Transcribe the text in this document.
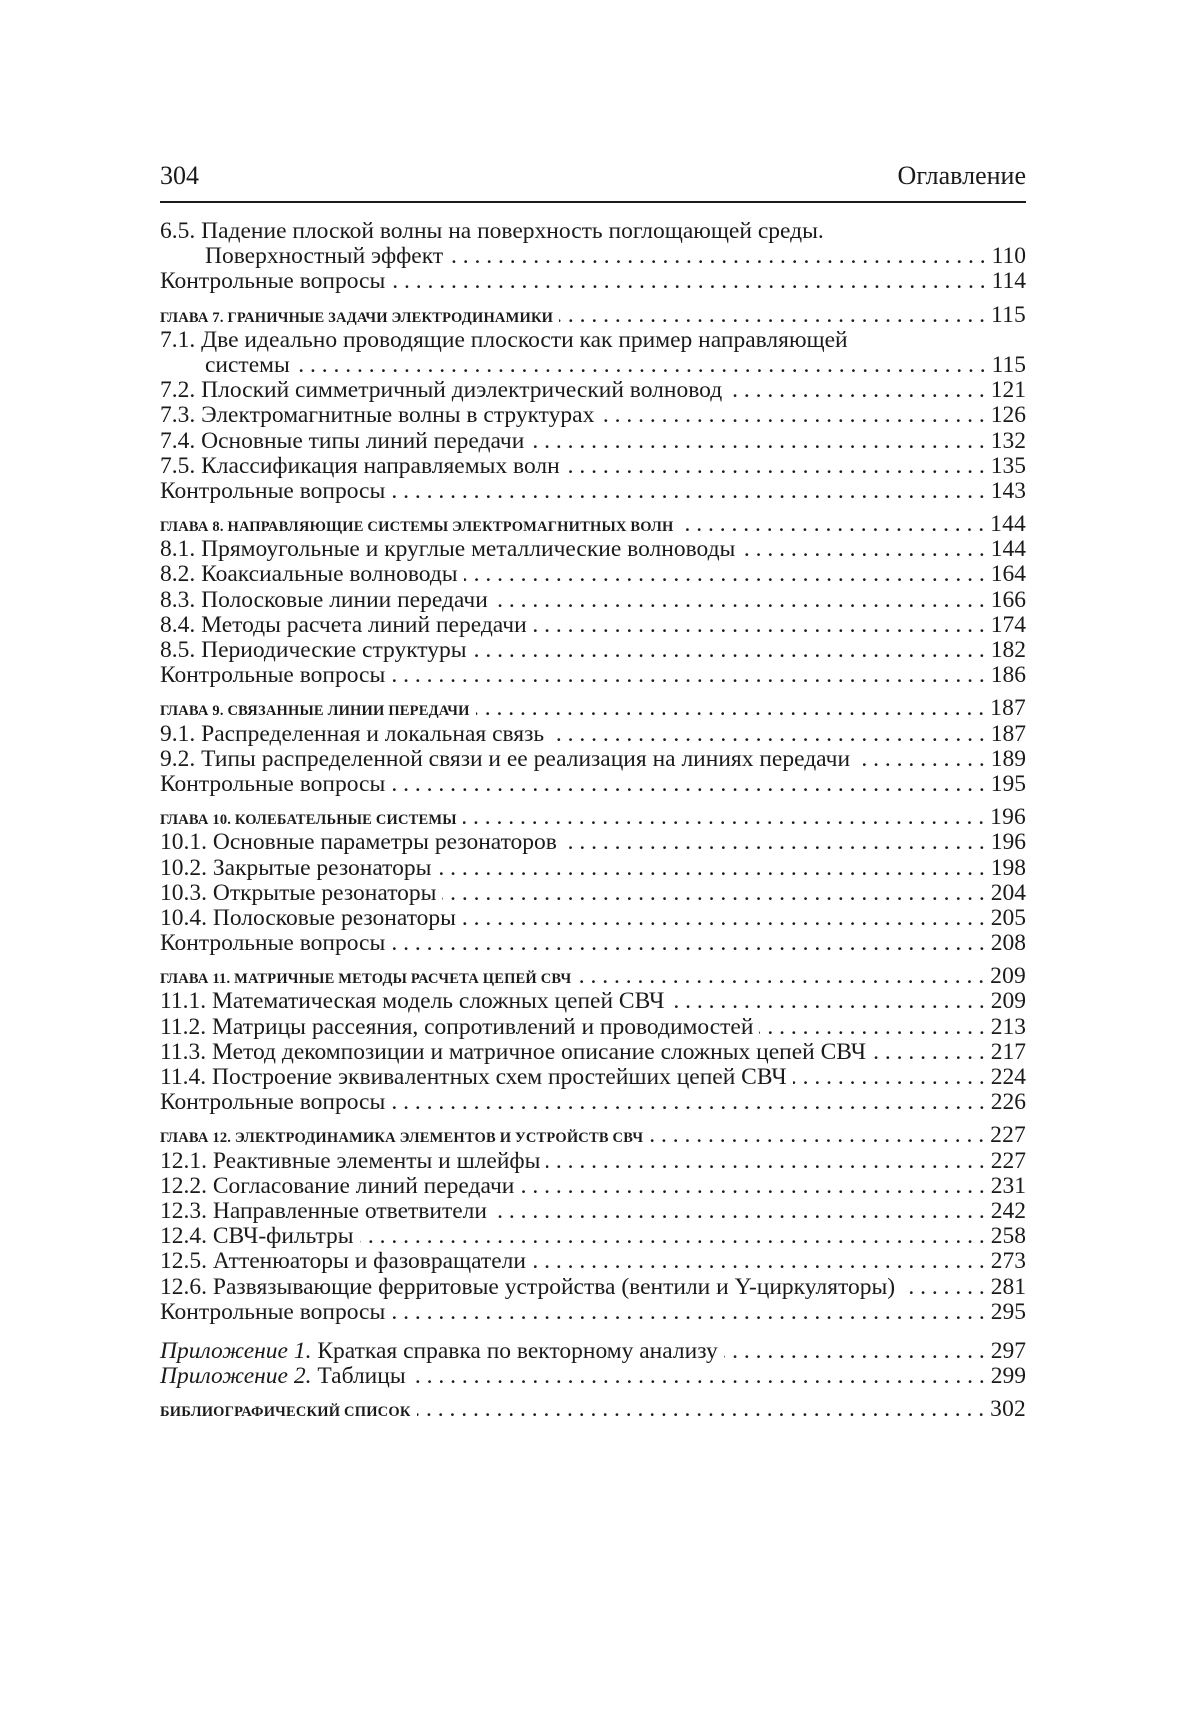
304	Оглавление
6.5. Падение плоской волны на поверхность поглощающей среды.
Поверхностный эффект . . .	110
Контрольные вопросы . . .	114
ГЛАВА 7. ГРАНИЧНЫЕ ЗАДАЧИ ЭЛЕКТРОДИНАМИКИ . . .	115
7.1. Две идеально проводящие плоскости как пример направляющей
системы . . .	115
7.2. Плоский симметричный диэлектрический волновод . . .	121
7.3. Электромагнитные волны в структурах . . .	126
7.4. Основные типы линий передачи . . .	132
7.5. Классификация направляемых волн . . .	135
Контрольные вопросы . . .	143
ГЛАВА 8. НАПРАВЛЯЮЩИЕ СИСТЕМЫ ЭЛЕКТРОМАГНИТНЫХ ВОЛН . . .	144
8.1. Прямоугольные и круглые металлические волноводы . . .	144
8.2. Коаксиальные волноводы . . .	164
8.3. Полосковые линии передачи . . .	166
8.4. Методы расчета линий передачи . . .	174
8.5. Периодические структуры . . .	182
Контрольные вопросы . . .	186
ГЛАВА 9. СВЯЗАННЫЕ ЛИНИИ ПЕРЕДАЧИ . . .	187
9.1. Распределенная и локальная связь . . .	187
9.2. Типы распределенной связи и ее реализация на линиях передачи . . .	189
Контрольные вопросы . . .	195
ГЛАВА 10. КОЛЕБАТЕЛЬНЫЕ СИСТЕМЫ . . .	196
10.1. Основные параметры резонаторов . . .	196
10.2. Закрытые резонаторы . . .	198
10.3. Открытые резонаторы . . .	204
10.4. Полосковые резонаторы . . .	205
Контрольные вопросы . . .	208
ГЛАВА 11. МАТРИЧНЫЕ МЕТОДЫ РАСЧЕТА ЦЕПЕЙ СВЧ . . .	209
11.1. Математическая модель сложных цепей СВЧ . . .	209
11.2. Матрицы рассеяния, сопротивлений и проводимостей . . .	213
11.3. Метод декомпозиции и матричное описание сложных цепей СВЧ . . .	217
11.4. Построение эквивалентных схем простейших цепей СВЧ . . .	224
Контрольные вопросы . . .	226
ГЛАВА 12. ЭЛЕКТРОДИНАМИКА ЭЛЕМЕНТОВ И УСТРОЙСТВ СВЧ . . .	227
12.1. Реактивные элементы и шлейфы . . .	227
12.2. Согласование линий передачи . . .	231
12.3. Направленные ответвители . . .	242
12.4. СВЧ-фильтры . . .	258
12.5. Аттенюаторы и фазовращатели . . .	273
12.6. Развязывающие ферритовые устройства (вентили и Y-циркуляторы) . . .	281
Контрольные вопросы . . .	295
Приложение 1. Краткая справка по векторному анализу . . .	297
Приложение 2. Таблицы . . .	299
БИБЛИОГРАФИЧЕСКИЙ СПИСОК . . .	302
